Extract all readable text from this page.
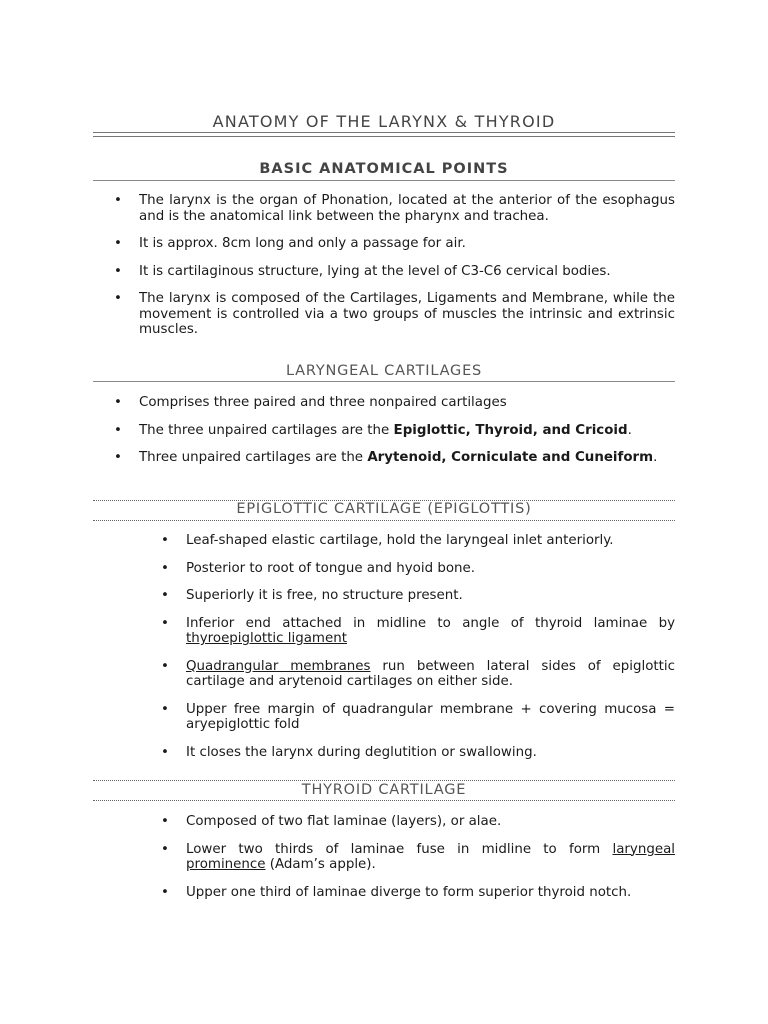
ANATOMY OF THE LARYNX & THYROID
BASIC ANATOMICAL POINTS
• The larynx is the organ of Phonation, located at the anterior of the esophagus and is the anatomical link between the pharynx and trachea.
• It is approx. 8cm long and only a passage for air.
• It is cartilaginous structure, lying at the level of C3-C6 cervical bodies.
• The larynx is composed of the Cartilages, Ligaments and Membrane, while the movement is controlled via a two groups of muscles the intrinsic and extrinsic muscles.
LARYNGEAL CARTILAGES
• Comprises three paired and three nonpaired cartilages
• The three unpaired cartilages are the Epiglottic, Thyroid, and Cricoid.
• Three unpaired cartilages are the Arytenoid, Corniculate and Cuneiform.
EPIGLOTTIC CARTILAGE (EPIGLOTTIS)
• Leaf-shaped elastic cartilage, hold the laryngeal inlet anteriorly.
• Posterior to root of tongue and hyoid bone.
• Superiorly it is free, no structure present.
• Inferior end attached in midline to angle of thyroid laminae by thyroepiglottic ligament
• Quadrangular membranes run between lateral sides of epiglottic cartilage and arytenoid cartilages on either side.
• Upper free margin of quadrangular membrane + covering mucosa = aryepiglottic fold
• It closes the larynx during deglutition or swallowing.
THYROID CARTILAGE
• Composed of two flat laminae (layers), or alae.
• Lower two thirds of laminae fuse in midline to form laryngeal prominence (Adam’s apple).
• Upper one third of laminae diverge to form superior thyroid notch.
